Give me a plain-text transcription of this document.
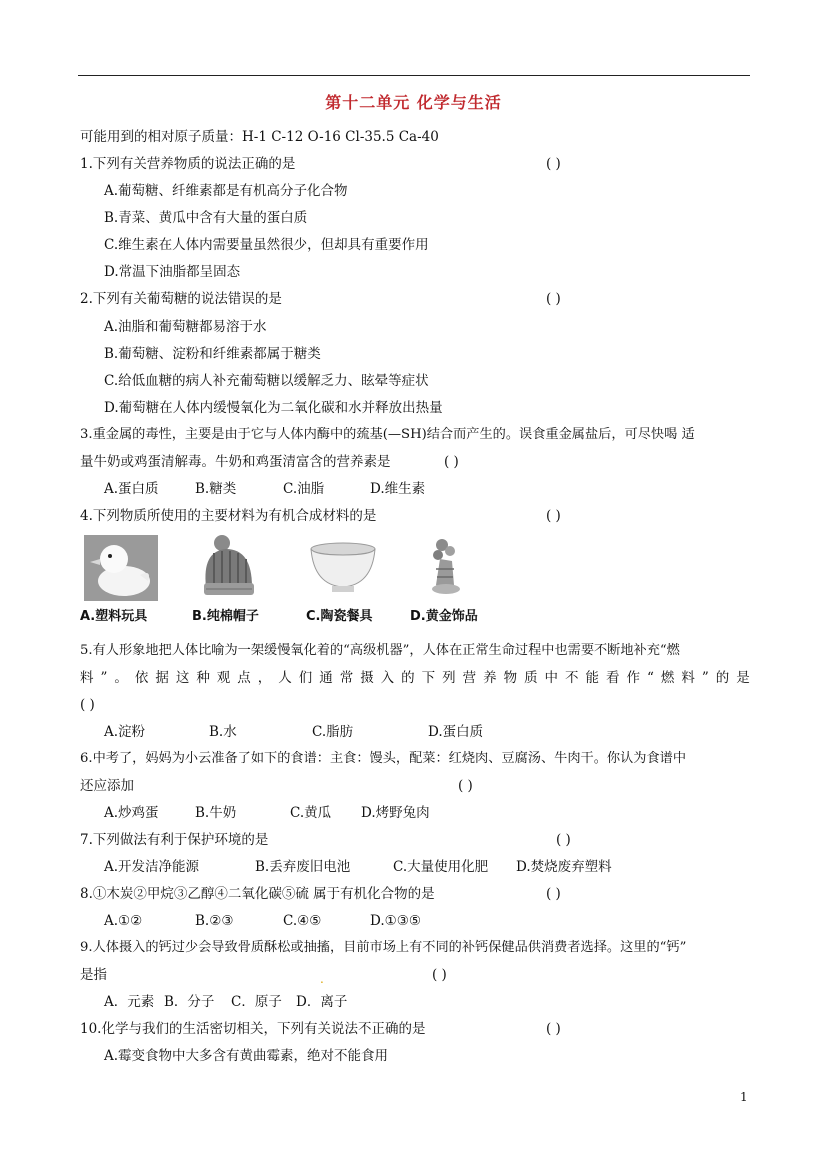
第十二单元 化学与生活
可能用到的相对原子质量：H-1 C-12 O-16 Cl-35.5 Ca-40
1.下列有关营养物质的说法正确的是	( )
A.葡萄糖、纤维素都是有机高分子化合物
B.青菜、黄瓜中含有大量的蛋白质
C.维生素在人体内需要量虽然很少，但却具有重要作用
D.常温下油脂都呈固态
2.下列有关葡萄糖的说法错误的是	( )
A.油脂和葡萄糖都易溶于水
B.葡萄糖、淀粉和纤维素都属于糖类
C.给低血糖的病人补充葡萄糖以缓解乏力、眩晕等症状
D.葡萄糖在人体内缓慢氧化为二氧化碳和水并释放出热量
3.重金属的毒性，主要是由于它与人体内酶中的巯基(—SH)结合而产生的。误食重金属盐后，可尽快喝 适
量牛奶或鸡蛋清解毒。牛奶和鸡蛋清富含的营养素是	( )
A.蛋白质	B.糖类	C.油脂	D.维生素
4.下列物质所使用的主要材料为有机合成材料的是	( )
A.塑料玩具	B.纯棉帽子	C.陶瓷餐具	D.黄金饰品
5.有人形象地把人体比喻为一架缓慢氧化着的“高级机器”，人体在正常生命过程中也需要不断地补充“燃
料 ” 。 依 据 这 种 观 点 ， 人 们 通 常 摄 入 的 下 列 营 养 物 质 中 不 能 看 作 “ 燃 料 ” 的 是
( )
A.淀粉	B.水	C.脂肪	D.蛋白质
6.中考了，妈妈为小云准备了如下的食谱：主食：馒头，配菜：红烧肉、豆腐汤、牛肉干。你认为食谱中
还应添加	( )
A.炒鸡蛋	B.牛奶	C.黄瓜 D.烤野兔肉
7.下列做法有利于保护环境的是	( )
A.开发洁净能源	B.丢弃废旧电池	C.大量使用化肥 D.焚烧废弃塑料
8.①木炭②甲烷③乙醇④二氧化碳⑤硫 属于有机化合物的是	( )
A.①②	B.②③	C.④⑤	D.①③⑤
9.人体摄入的钙过少会导致骨质酥松或抽搐，目前市场上有不同的补钙保健品供消费者选择。这里的“钙”
是指	.	( )
A．元素 B．分子 C．原子 D．离子
10.化学与我们的生活密切相关，下列有关说法不正确的是	( )
A.霉变食物中大多含有黄曲霉素，绝对不能食用
1
